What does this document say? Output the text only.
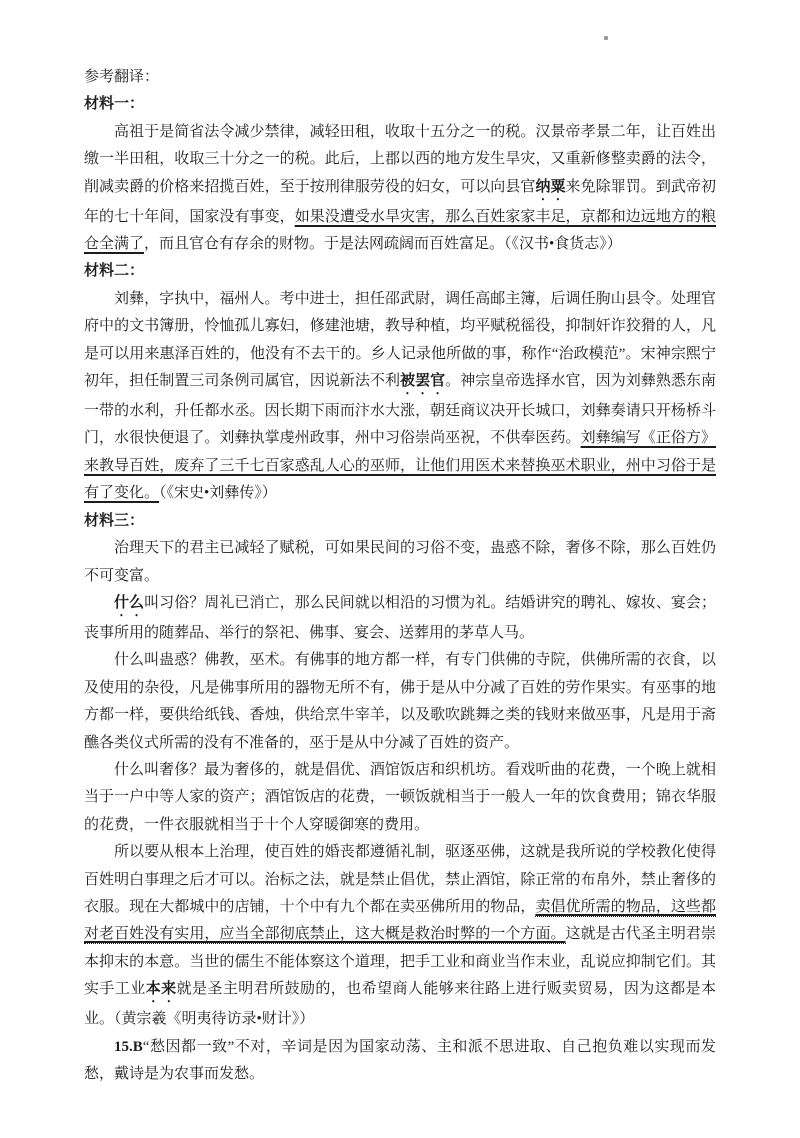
参考翻译：

材料一：

高祖于是简省法令减少禁律，减轻田租，收取十五分之一的税。汉景帝孝景二年，让百姓出缴一半田租，收取三十分之一的税。此后，上郡以西的地方发生旱灾，又重新修整卖爵的法令，削减卖爵的价格来招揽百姓，至于按刑律服劳役的妇女，可以向县官纳粟来免除罪罚。到武帝初年的七十年间，国家没有事变，如果没遭受水旱灾害，那么百姓家家丰足，京都和边远地方的粮仓全满了，而且官仓有存余的财物。于是法网疏阔而百姓富足。（《汉书•食货志》）

材料二：

刘彝，字执中，福州人。考中进士，担任邵武尉，调任高邮主簿，后调任朐山县令。处理官府中的文书簿册，怜恤孤儿寡妇，修建池塘，教导种植，均平赋税徭役，抑制奸诈狡猾的人，凡是可以用来惠泽百姓的，他没有不去干的。乡人记录他所做的事，称作“治政模范”。宋神宗熙宁初年，担任制置三司条例司属官，因说新法不利被罢官。神宗皇帝选择水官，因为刘彝熟悉东南一带的水利，升任都水丞。因长期下雨而汴水大涨，朝廷商议决开长城口，刘彝奏请只开杨桥斗门，水很快便退了。刘彝执掌虔州政事，州中习俗崇尚巫祝，不供奉医药。刘彝编写《正俗方》来教导百姓，废弃了三千七百家惑乱人心的巫师，让他们用医术来替换巫术职业，州中习俗于是有了变化。（《宋史•刘彝传》）

材料三：

治理天下的君主已减轻了赋税，可如果民间的习俗不变，蛊惑不除，奢侈不除，那么百姓仍不可变富。

什么叫习俗？周礼已消亡，那么民间就以相沿的习惯为礼。结婚讲究的聘礼、嫁妆、宴会；丧事所用的随葬品、举行的祭祀、佛事、宴会、送葬用的茅草人马。

什么叫蛊惑？佛教，巫术。有佛事的地方都一样，有专门供佛的寺院，供佛所需的衣食，以及使用的杂役，凡是佛事所用的器物无所不有，佛于是从中分减了百姓的劳作果实。有巫事的地方都一样，要供给纸钱、香烛，供给烹牛宰羊，以及歌吹跳舞之类的钱财来做巫事，凡是用于斋醮各类仪式所需的没有不准备的，巫于是从中分减了百姓的资产。

什么叫奢侈？最为奢侈的，就是倡优、酒馆饭店和织机坊。看戏听曲的花费，一个晚上就相当于一户中等人家的资产；酒馆饭店的花费，一顿饭就相当于一般人一年的饮食费用；锦衣华服的花费，一件衣服就相当于十个人穿暖御寒的费用。

所以要从根本上治理，使百姓的婚丧都遵循礼制，驱逐巫佛，这就是我所说的学校教化使得百姓明白事理之后才可以。治标之法，就是禁止倡优，禁止酒馆，除正常的布帛外，禁止奢侈的衣服。现在大都城中的店铺，十个中有九个都在卖巫佛所用的物品，卖倡优所需的物品，这些都对老百姓没有实用，应当全部彻底禁止，这大概是救治时弊的一个方面。这就是古代圣主明君崇本抑末的本意。当世的儒生不能体察这个道理，把手工业和商业当作末业，乱说应抑制它们。其实手工业本来就是圣主明君所鼓励的，也希望商人能够来往路上进行贩卖贸易，因为这都是本业。（黄宗羲《明夷待访录•财计》）

15.B“愁因都一致”不对，辛词是因为国家动荡、主和派不思进取、自己抱负难以实现而发愁，戴诗是为农事而发愁。
